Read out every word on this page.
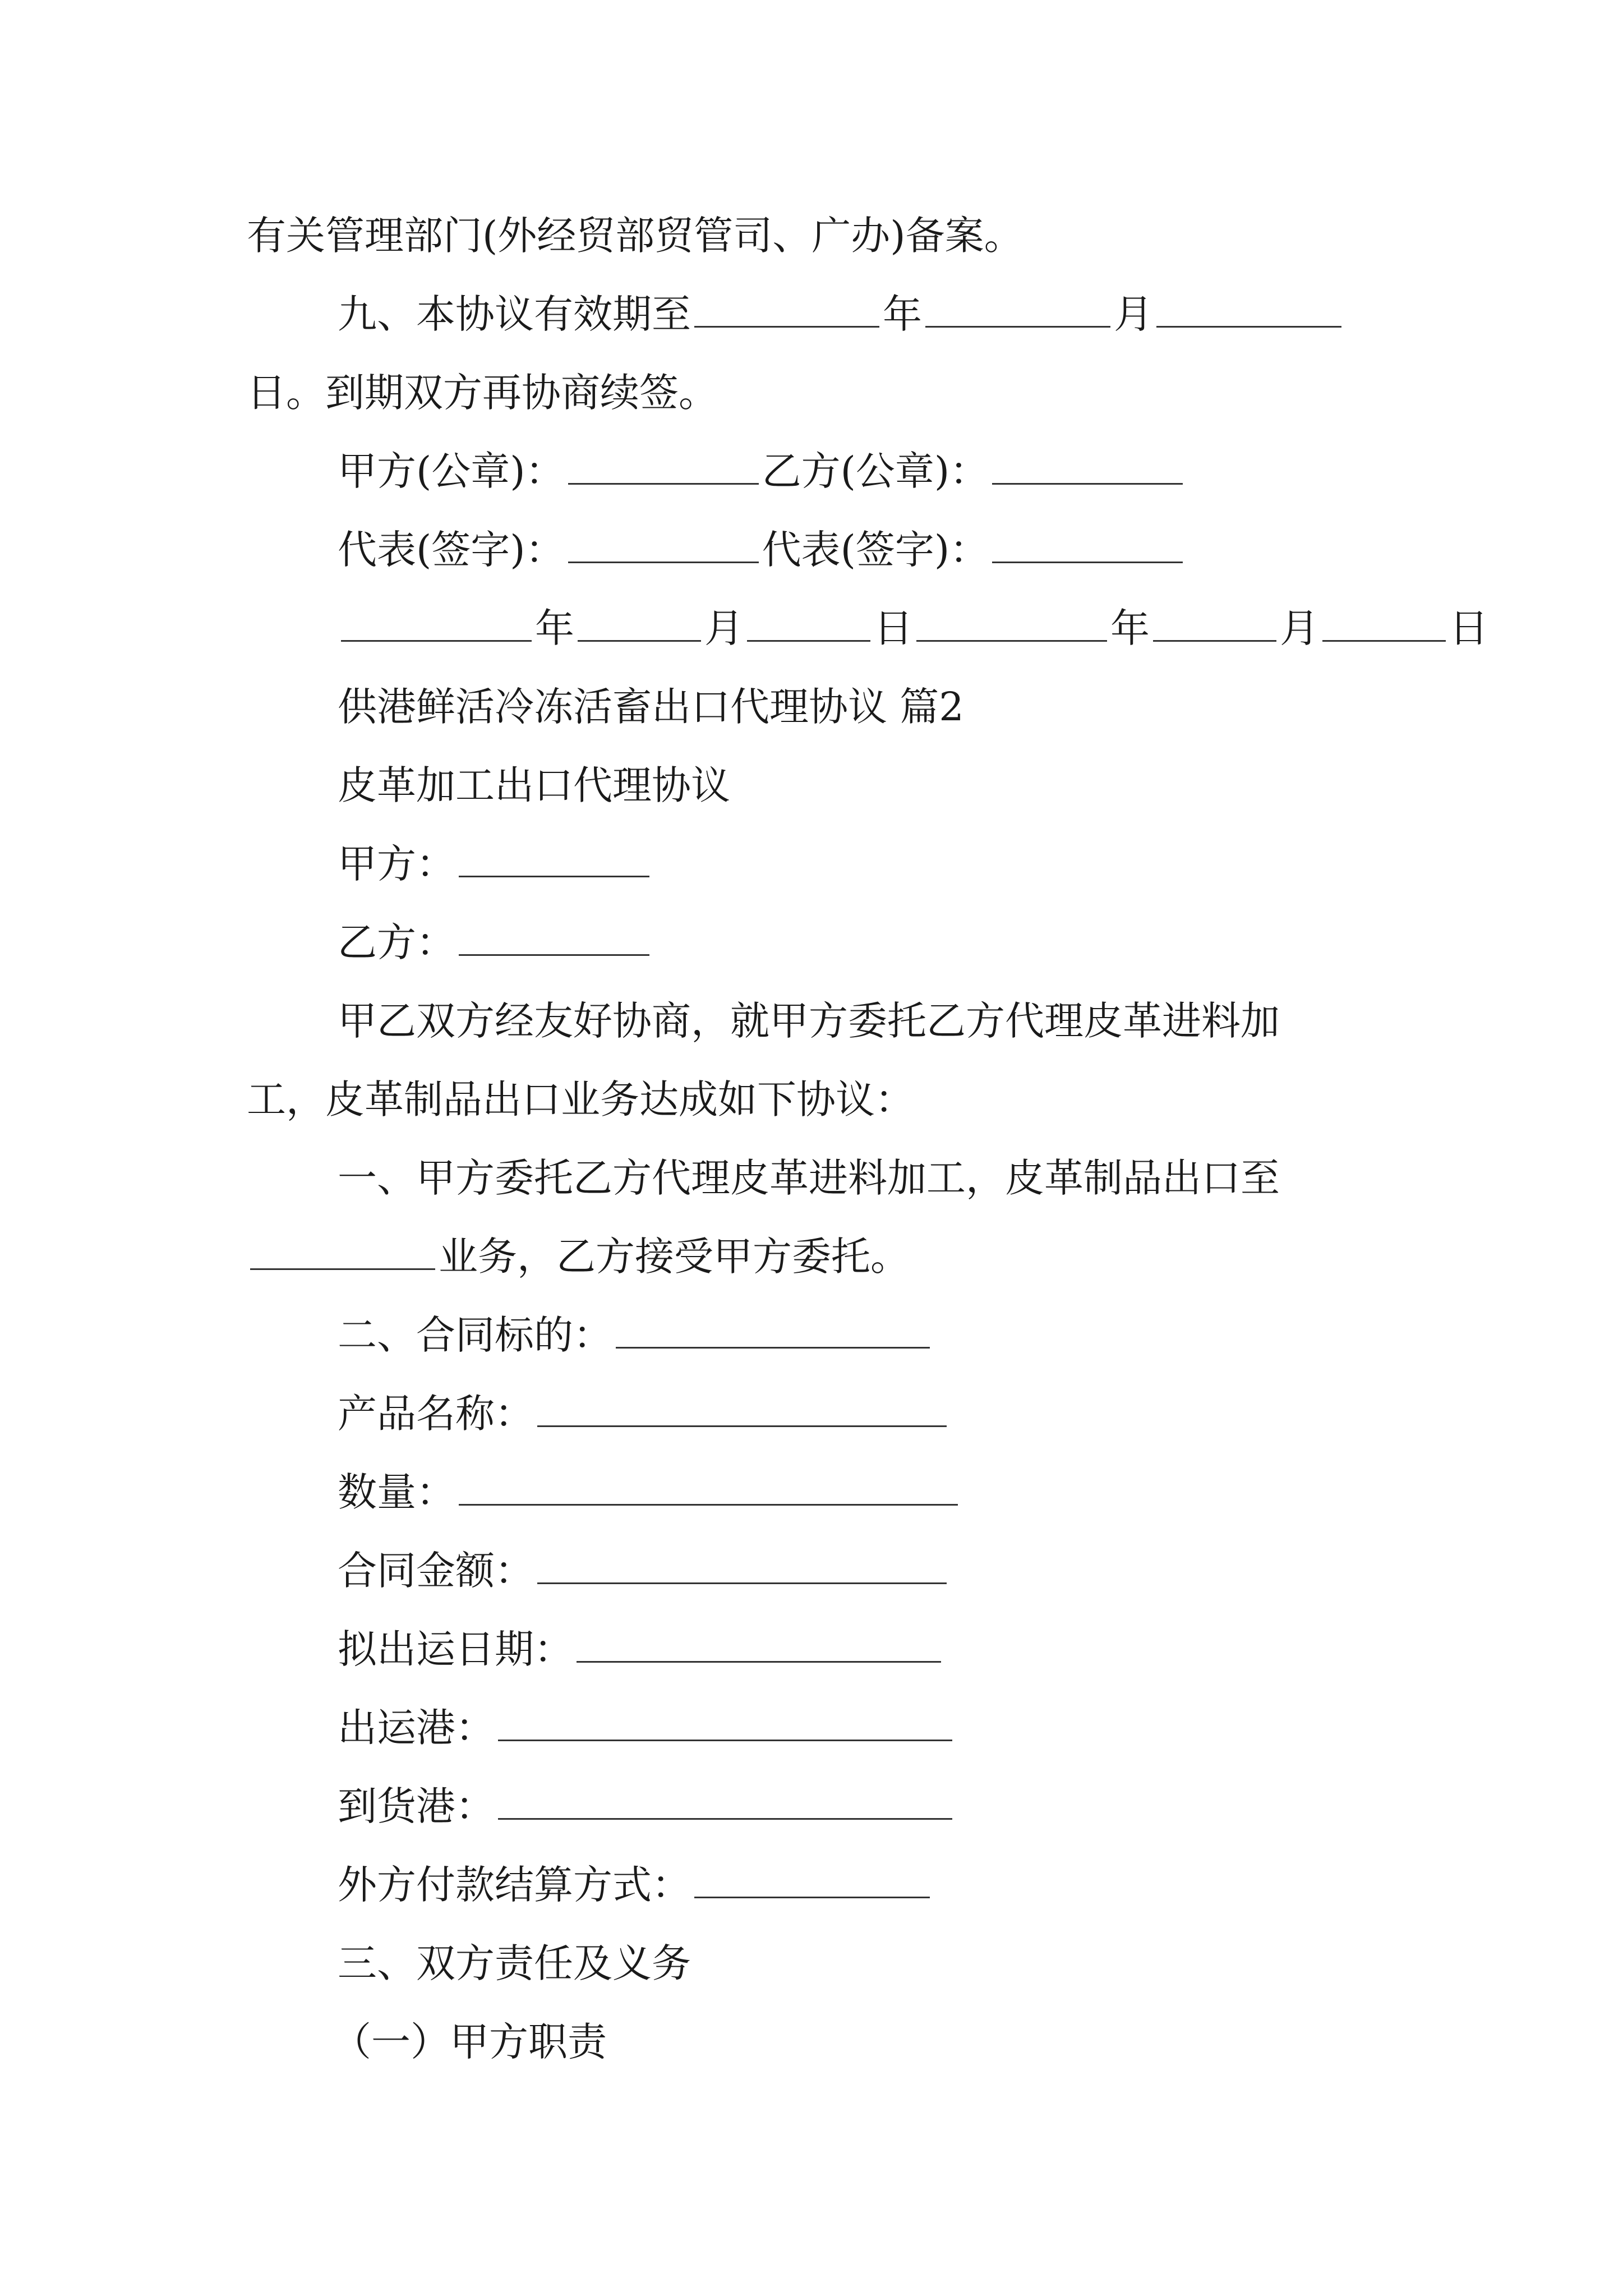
有关管理部门(外经贸部贸管司、广办)备案。
九、本协议有效期至	年	月
日。到期双方再协商续签。
甲方(公章)：	乙方(公章)：
代表(签字)：	代表(签字)：
年	月	日	年	月	日
供港鲜活冷冻活畜出口代理协议 篇2
皮革加工出口代理协议
甲方：
乙方：
甲乙双方经友好协商，就甲方委托乙方代理皮革进料加
工，皮革制品出口业务达成如下协议：
一、甲方委托乙方代理皮革进料加工，皮革制品出口至
业务，乙方接受甲方委托。
二、合同标的：
产品名称：
数量：
合同金额：
拟出运日期：
出运港：
到货港：
外方付款结算方式：
三、双方责任及义务
（一）甲方职责
